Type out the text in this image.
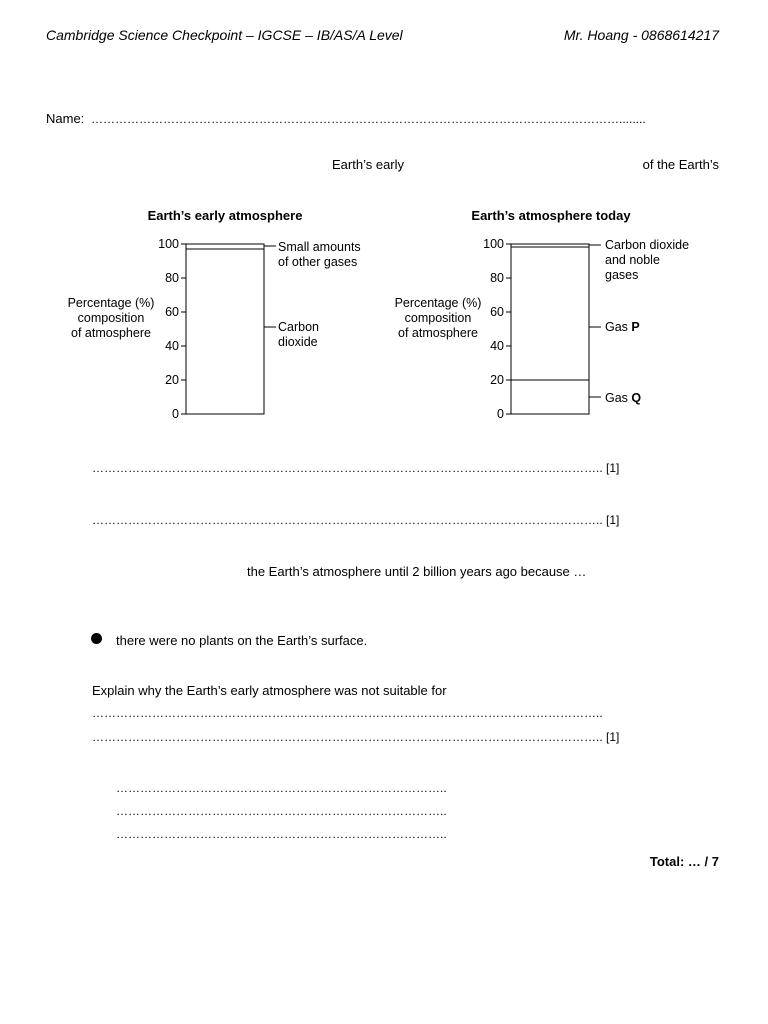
Cambridge Science Checkpoint – IGCSE – IB/AS/A Level	Mr. Hoang - 0868614217
Name: ……………………………………………………………………………………………………………………........
Earth’s early	of the Earth’s
Earth’s early atmosphere
Percentage (%)
composition
of atmosphere
0
20
40
60
80
100	Small amounts
of other gases
Carbon
dioxide
Earth’s atmosphere today
Percentage (%)
composition
of atmosphere
0
20
40
60
80
100	Carbon dioxide
and noble
gases
Gas P
Gas Q
……………………………………………………………………………………………………………….. [1]
……………………………………………………………………………………………………………….. [1]
the Earth’s atmosphere until 2 billion years ago because …
there were no plants on the Earth’s surface.
Explain why the Earth’s early atmosphere was not suitable for
………………………………………………………………………………………………………………..
……………………………………………………………………………………………………………….. [1]
………………………………………………………………………..
………………………………………………………………………..
………………………………………………………………………..
Total: … / 7
